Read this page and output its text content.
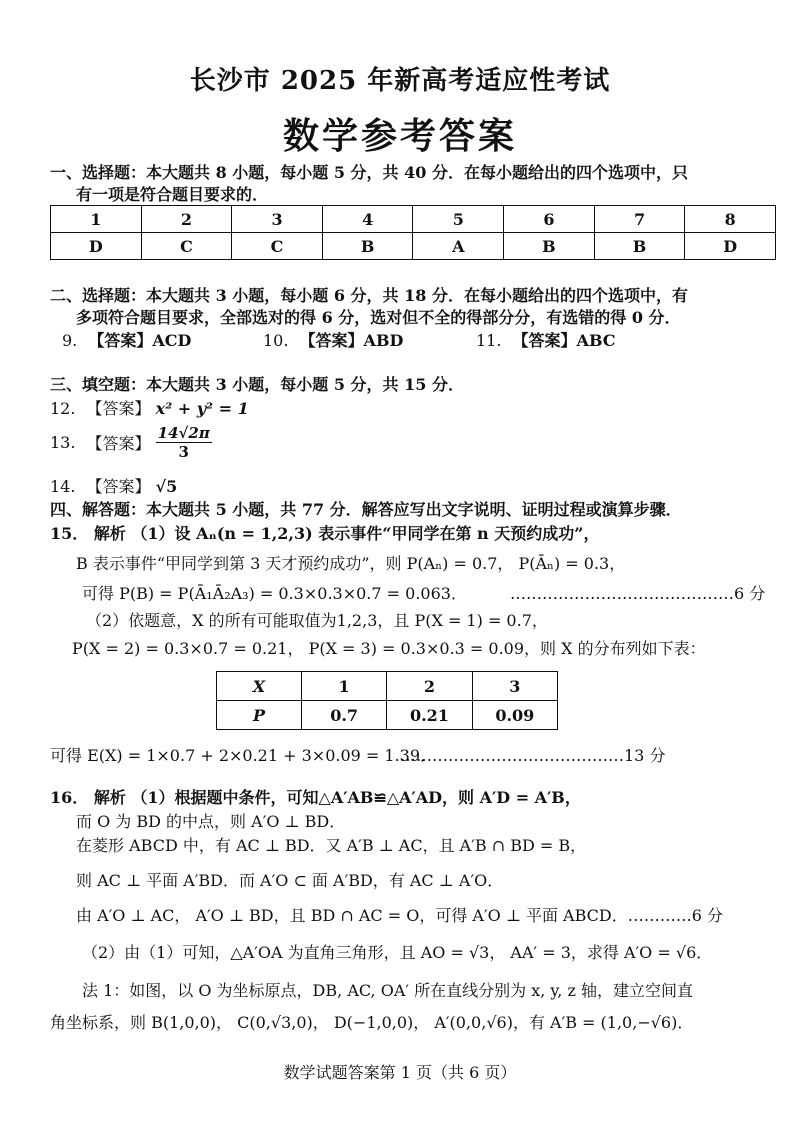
长沙市 2025 年新高考适应性考试
数学参考答案
一、选择题：本大题共 8 小题，每小题 5 分，共 40 分．在每小题给出的四个选项中，只
有一项是符合题目要求的．
1	2	3	4	5	6	7	8
D	C	C	B	A	B	B	D
二、选择题：本大题共 3 小题，每小题 6 分，共 18 分．在每小题给出的四个选项中，有
多项符合题目要求，全部选对的得 6 分，选对但不全的得部分分，有选错的得 0 分．
9. 【答案】ACD	10. 【答案】ABD	11. 【答案】ABC
三、填空题：本大题共 3 小题，每小题 5 分，共 15 分．
12. 【答案】 x² + y² = 1
13. 【答案】 $\frac{14√2\pi}{3}$
14. 【答案】 √5
四、解答题：本大题共 5 小题，共 77 分．解答应写出文字说明、证明过程或演算步骤．
15． 解析 （1）设 Aₙ(n = 1,2,3) 表示事件“甲同学在第 n 天预约成功”，
B 表示事件“甲同学到第 3 天才预约成功”，则 P(Aₙ) = 0.7， P(Āₙ) = 0.3，
可得 P(B) = P(Ā₁Ā₂A₃) = 0.3×0.3×0.7 = 0.063．	……………………………………6 分
（2）依题意，X 的所有可能取值为1,2,3，且 P(X = 1) = 0.7，
P(X = 2) = 0.3×0.7 = 0.21， P(X = 3) = 0.3×0.3 = 0.09，则 X 的分布列如下表：
X	1	2	3
P	0.7	0.21	0.09
可得 E(X) = 1×0.7 + 2×0.21 + 3×0.09 = 1.39．
……………………………………13 分
16． 解析 （1）根据题中条件，可知△A′AB≌△A′AD，则 A′D = A′B，
而 O 为 BD 的中点，则 A′O ⊥ BD．
在菱形 ABCD 中，有 AC ⊥ BD．又 A′B ⊥ AC，且 A′B ∩ BD = B，
则 AC ⊥ 平面 A′BD．而 A′O ⊂ 面 A′BD，有 AC ⊥ A′O．
由 A′O ⊥ AC， A′O ⊥ BD，且 BD ∩ AC = O，可得 A′O ⊥ 平面 ABCD．…………6 分
（2）由（1）可知，△A′OA 为直角三角形，且 AO = √3， AA′ = 3，求得 A′O = √6．
法 1：如图，以 O 为坐标原点，DB, AC, OA′ 所在直线分别为 x, y, z 轴，建立空间直
角坐标系，则 B(1,0,0)， C(0,√3,0)， D(−1,0,0)， A′(0,0,√6)，有 A′B = (1,0,−√6)．
数学试题答案第 1 页（共 6 页）
